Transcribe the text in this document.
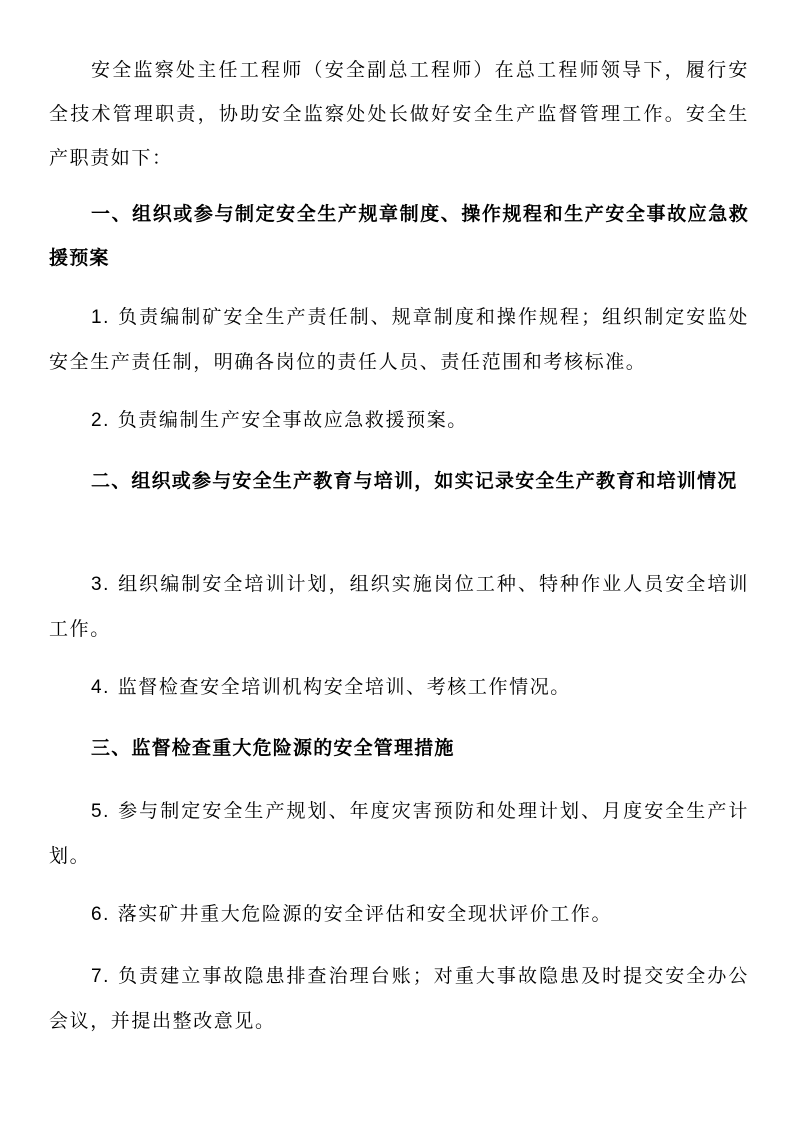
安全监察处主任工程师（安全副总工程师）在总工程师领导下，履行安全技术管理职责，协助安全监察处处长做好安全生产监督管理工作。安全生产职责如下：

一、组织或参与制定安全生产规章制度、操作规程和生产安全事故应急救援预案

1. 负责编制矿安全生产责任制、规章制度和操作规程；组织制定安监处安全生产责任制，明确各岗位的责任人员、责任范围和考核标准。

2. 负责编制生产安全事故应急救援预案。

二、组织或参与安全生产教育与培训，如实记录安全生产教育和培训情况

3. 组织编制安全培训计划，组织实施岗位工种、特种作业人员安全培训工作。

4. 监督检查安全培训机构安全培训、考核工作情况。

三、监督检查重大危险源的安全管理措施

5. 参与制定安全生产规划、年度灾害预防和处理计划、月度安全生产计划。

6. 落实矿井重大危险源的安全评估和安全现状评价工作。

7. 负责建立事故隐患排查治理台账；对重大事故隐患及时提交安全办公会议，并提出整改意见。
